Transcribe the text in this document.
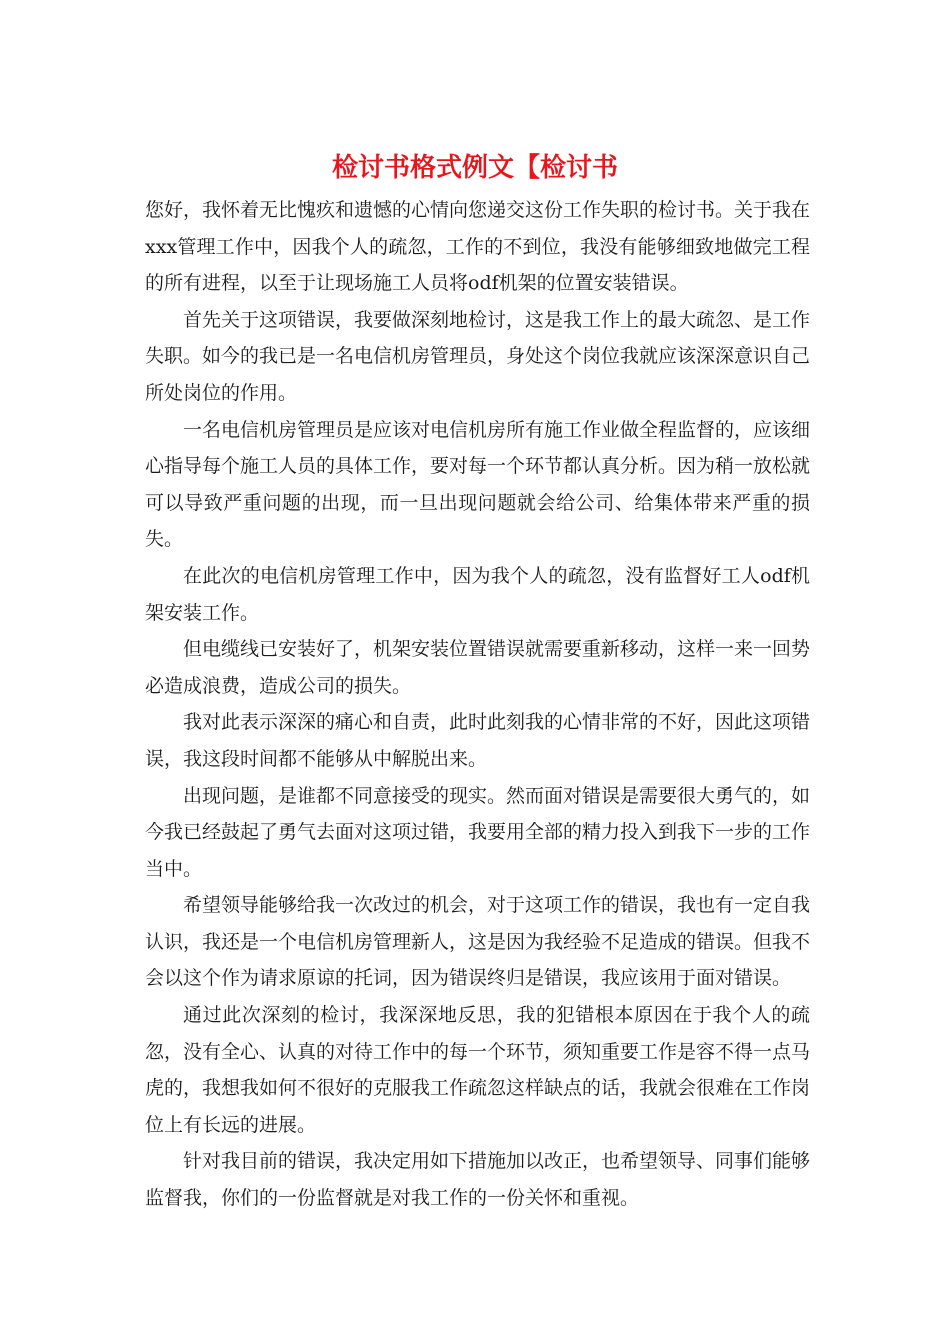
检讨书格式例文【检讨书

您好，我怀着无比愧疚和遗憾的心情向您递交这份工作失职的检讨书。关于我在xxx管理工作中，因我个人的疏忽，工作的不到位，我没有能够细致地做完工程的所有进程，以至于让现场施工人员将odf机架的位置安装错误。

首先关于这项错误，我要做深刻地检讨，这是我工作上的最大疏忽、是工作失职。如今的我已是一名电信机房管理员，身处这个岗位我就应该深深意识自己所处岗位的作用。

一名电信机房管理员是应该对电信机房所有施工作业做全程监督的，应该细心指导每个施工人员的具体工作，要对每一个环节都认真分析。因为稍一放松就可以导致严重问题的出现，而一旦出现问题就会给公司、给集体带来严重的损失。

在此次的电信机房管理工作中，因为我个人的疏忽，没有监督好工人odf机架安装工作。

但电缆线已安装好了，机架安装位置错误就需要重新移动，这样一来一回势必造成浪费，造成公司的损失。

我对此表示深深的痛心和自责，此时此刻我的心情非常的不好，因此这项错误，我这段时间都不能够从中解脱出来。

出现问题，是谁都不同意接受的现实。然而面对错误是需要很大勇气的，如今我已经鼓起了勇气去面对这项过错，我要用全部的精力投入到我下一步的工作当中。

希望领导能够给我一次改过的机会，对于这项工作的错误，我也有一定自我认识，我还是一个电信机房管理新人，这是因为我经验不足造成的错误。但我不会以这个作为请求原谅的托词，因为错误终归是错误，我应该用于面对错误。

通过此次深刻的检讨，我深深地反思，我的犯错根本原因在于我个人的疏忽，没有全心、认真的对待工作中的每一个环节，须知重要工作是容不得一点马虎的，我想我如何不很好的克服我工作疏忽这样缺点的话，我就会很难在工作岗位上有长远的进展。

针对我目前的错误，我决定用如下措施加以改正，也希望领导、同事们能够监督我，你们的一份监督就是对我工作的一份关怀和重视。
